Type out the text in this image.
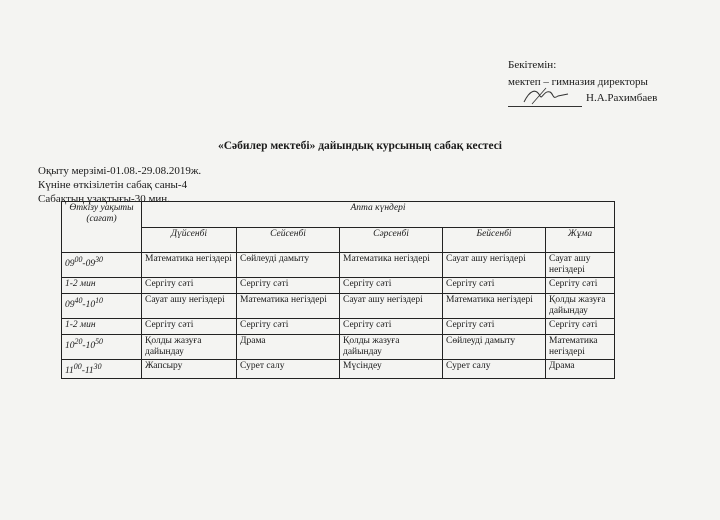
Бекітемін:
мектеп – гимназия директоры
Н.А.Рахимбаев
«Сәбилер мектебі» дайындық курсының сабақ кестесі
Оқыту мерзімі-01.08.-29.08.2019ж.
Күніне өткізілетін сабақ саны-4
Сабақтың ұзақтығы-30 мин.
Өткізу уақыты (сағат)	Апта күндері				
	Дүйсенбі	Сейсенбі	Сәрсенбі	Бейсенбі	Жұма
$09^{00}-09^{30}$	Математика негіздері	Сөйлеуді дамыту	Математика негіздері	Сауат ашу негіздері	Сауат ашу негіздері
1-2 мин	Сергіту сәті	Сергіту сәті	Сергіту сәті	Сергіту сәті	Сергіту сәті
$09^{40}-10^{10}$	Сауат ашу негіздері	Математика негіздері	Сауат ашу негіздері	Математика негіздері	Қолды жазуға дайындау
1-2 мин	Сергіту сәті	Сергіту сәті	Сергіту сәті	Сергіту сәті	Сергіту сәті
$10^{20}-10^{50}$	Қолды жазуға дайындау	Драма	Қолды жазуға дайындау	Сөйлеуді дамыту	Математика негіздері
$11^{00}-11^{30}$	Жапсыру	Сурет салу	Мүсіндеу	Сурет салу	Драма
